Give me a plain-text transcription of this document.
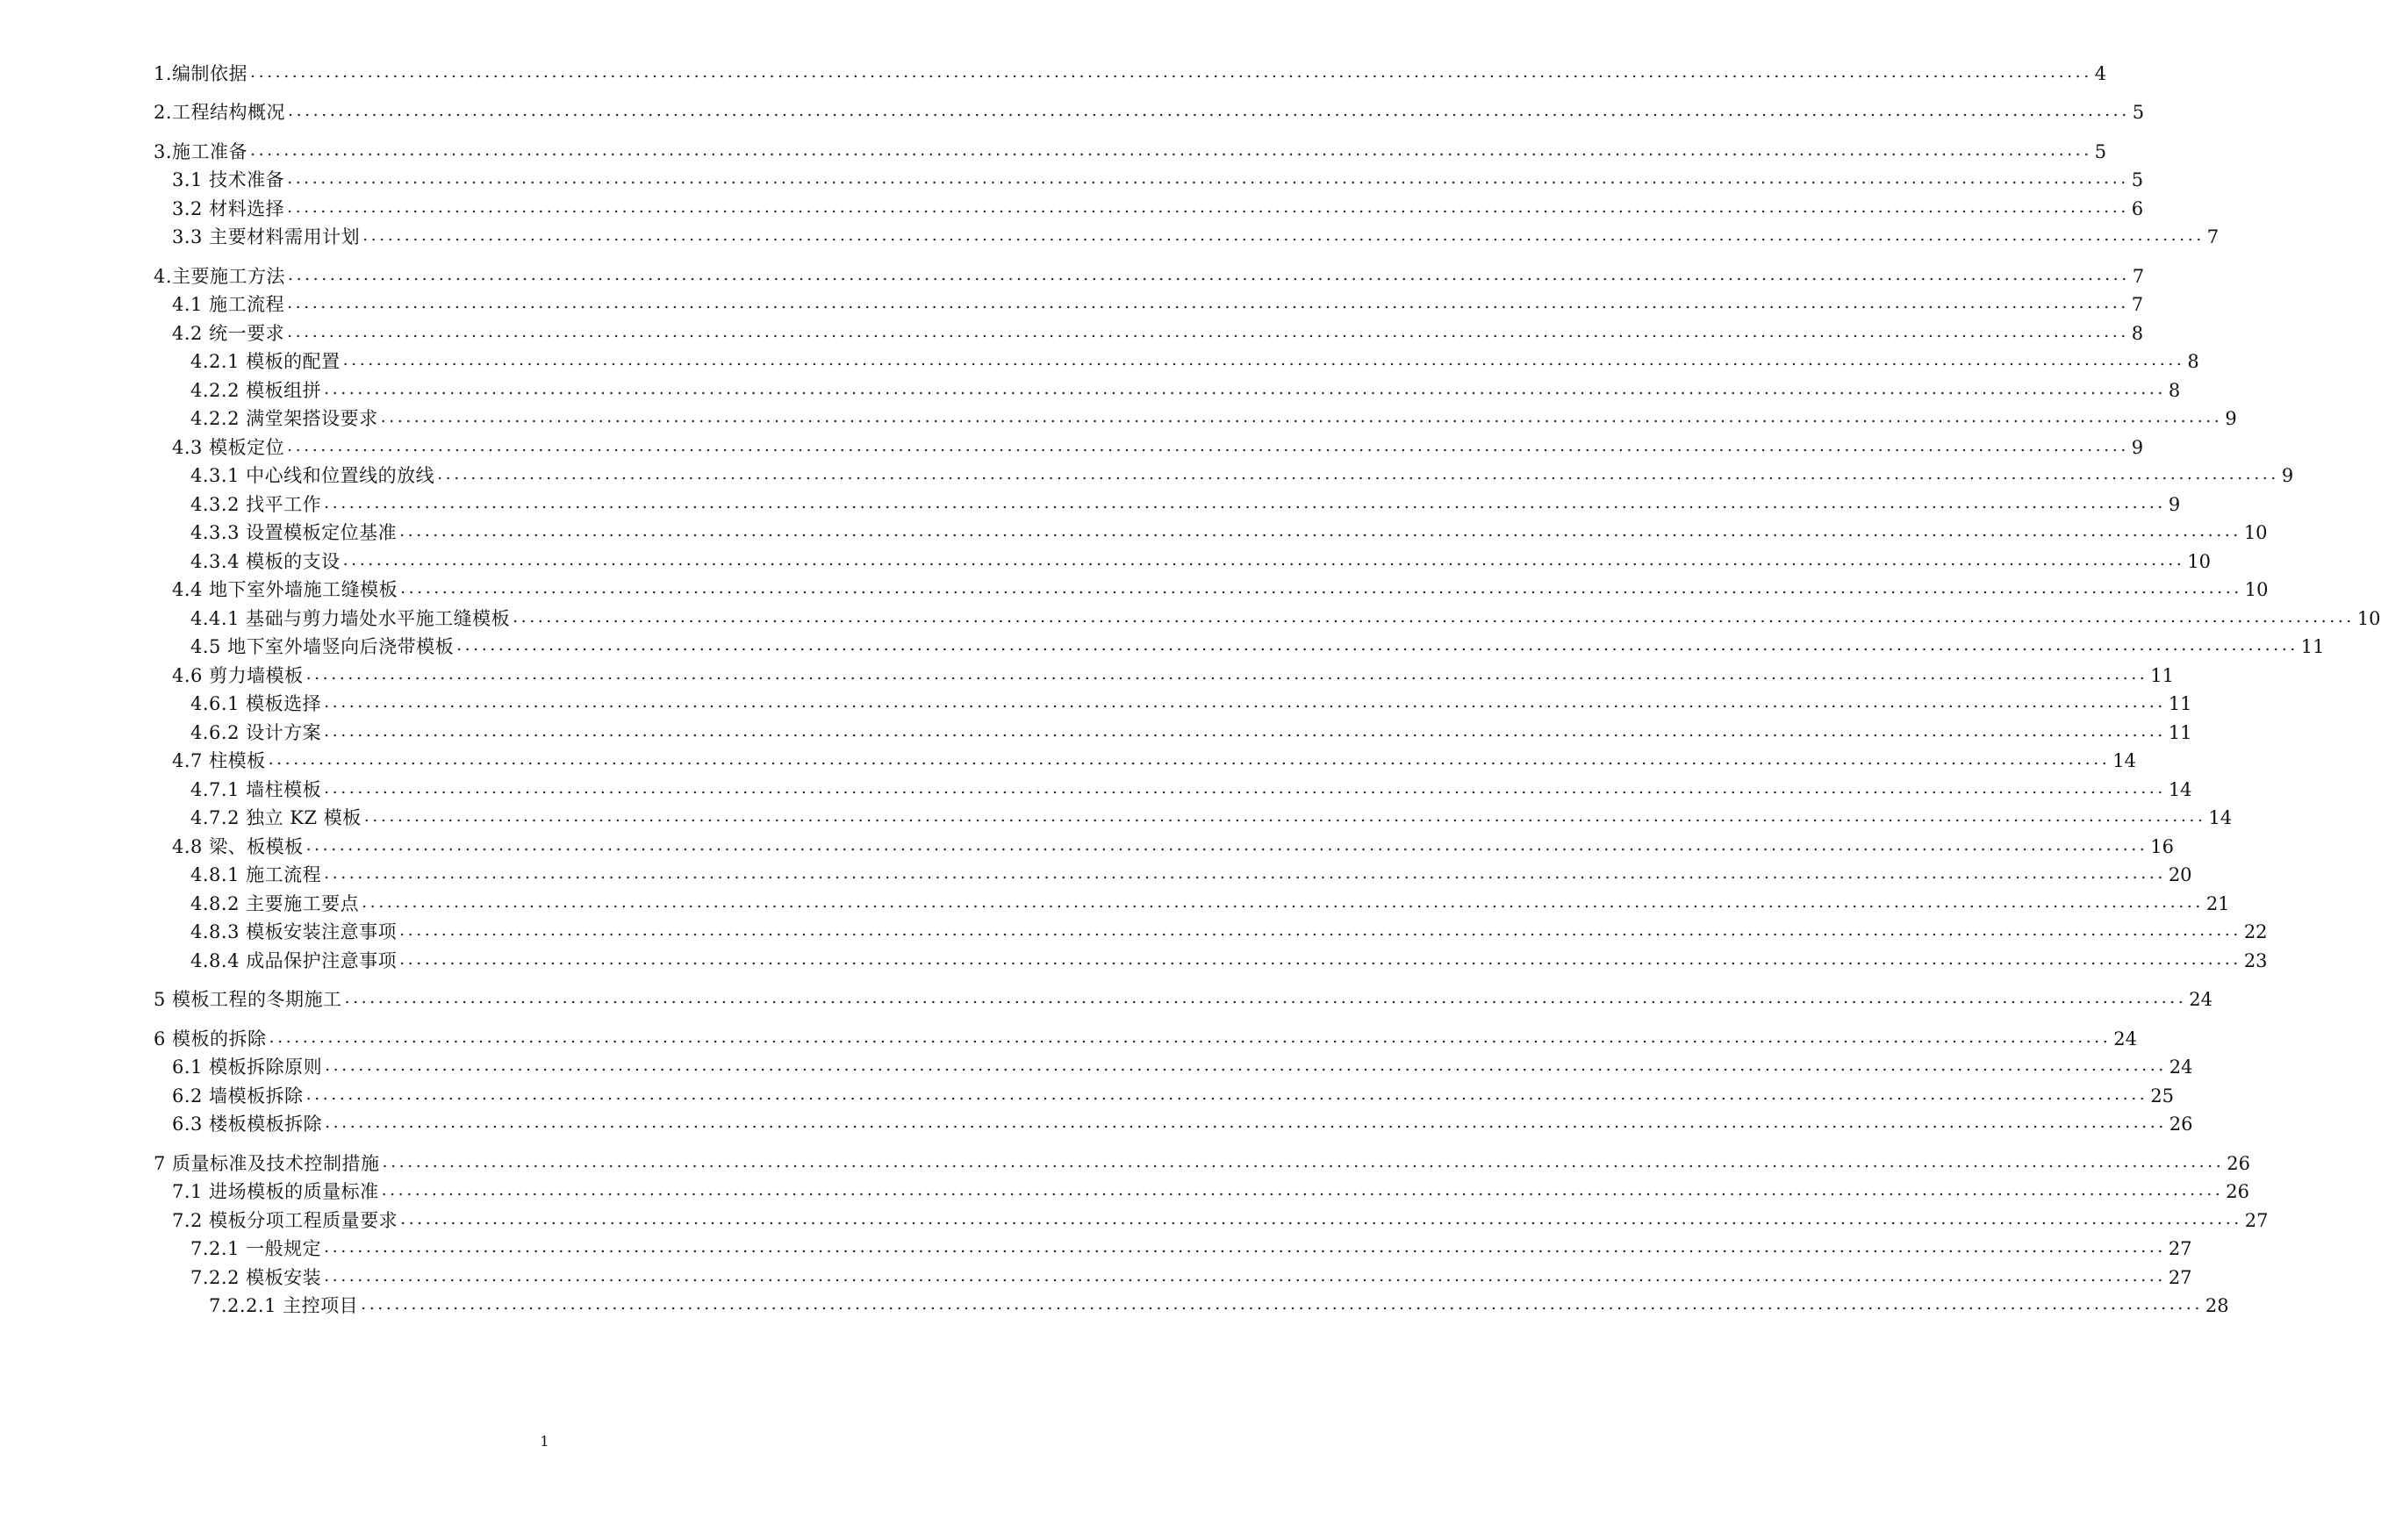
1.编制依据 ............................................................................................................................................................................................................................ 4
2.工程结构概况 ............................................................................................................................................................................................................................ 5
3.施工准备 ............................................................................................................................................................................................................................ 5
3.1 技术准备 ............................................................................................................................................................................................................................ 5
3.2 材料选择 ............................................................................................................................................................................................................................ 6
3.3 主要材料需用计划 ............................................................................................................................................................................................................................ 7
4.主要施工方法 ............................................................................................................................................................................................................................ 7
4.1 施工流程 ............................................................................................................................................................................................................................ 7
4.2 统一要求 ............................................................................................................................................................................................................................ 8
4.2.1 模板的配置 ............................................................................................................................................................................................................................ 8
4.2.2 模板组拼 ............................................................................................................................................................................................................................ 8
4.2.2 满堂架搭设要求 ............................................................................................................................................................................................................................ 9
4.3 模板定位 ............................................................................................................................................................................................................................ 9
4.3.1 中心线和位置线的放线 ............................................................................................................................................................................................................................ 9
4.3.2 找平工作 ............................................................................................................................................................................................................................ 9
4.3.3 设置模板定位基准 ............................................................................................................................................................................................................................ 10
4.3.4 模板的支设 ............................................................................................................................................................................................................................ 10
4.4 地下室外墙施工缝模板 ............................................................................................................................................................................................................................ 10
4.4.1 基础与剪力墙处水平施工缝模板 ............................................................................................................................................................................................................................ 10
4.5 地下室外墙竖向后浇带模板 ............................................................................................................................................................................................................................ 11
4.6 剪力墙模板 ............................................................................................................................................................................................................................ 11
4.6.1 模板选择 ............................................................................................................................................................................................................................ 11
4.6.2 设计方案 ............................................................................................................................................................................................................................ 11
4.7 柱模板 ............................................................................................................................................................................................................................ 14
4.7.1 墙柱模板 ............................................................................................................................................................................................................................ 14
4.7.2 独立 KZ 模板 ............................................................................................................................................................................................................................ 14
4.8 梁、板模板 ............................................................................................................................................................................................................................ 16
4.8.1 施工流程 ............................................................................................................................................................................................................................ 20
4.8.2 主要施工要点 ............................................................................................................................................................................................................................ 21
4.8.3 模板安装注意事项 ............................................................................................................................................................................................................................ 22
4.8.4 成品保护注意事项 ............................................................................................................................................................................................................................ 23
5 模板工程的冬期施工 ............................................................................................................................................................................................................................ 24
6 模板的拆除 ............................................................................................................................................................................................................................ 24
6.1 模板拆除原则 ............................................................................................................................................................................................................................ 24
6.2 墙模板拆除 ............................................................................................................................................................................................................................ 25
6.3 楼板模板拆除 ............................................................................................................................................................................................................................ 26
7 质量标准及技术控制措施 ............................................................................................................................................................................................................................ 26
7.1 进场模板的质量标准 ............................................................................................................................................................................................................................ 26
7.2 模板分项工程质量要求 ............................................................................................................................................................................................................................ 27
7.2.1 一般规定 ............................................................................................................................................................................................................................ 27
7.2.2 模板安装 ............................................................................................................................................................................................................................ 27
7.2.2.1 主控项目 ............................................................................................................................................................................................................................ 28
1
